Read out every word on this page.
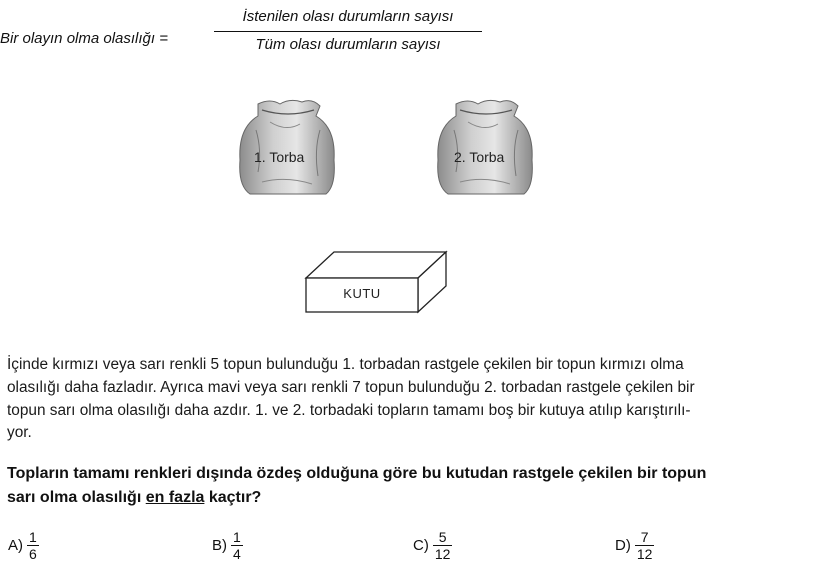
Bir olayın olma olasılığı =
İstenilen olası durumların sayısı
Tüm olası durumların sayısı
1. Torba	2. Torba
KUTU
İçinde kırmızı veya sarı renkli 5 topun bulunduğu 1. torbadan rastgele çekilen bir topun kırmızı olma
olasılığı daha fazladır. Ayrıca mavi veya sarı renkli 7 topun bulunduğu 2. torbadan rastgele çekilen bir
topun sarı olma olasılığı daha azdır. 1. ve 2. torbadaki topların tamamı boş bir kutuya atılıp karıştırılı-
yor.
Topların tamamı renkleri dışında özdeş olduğuna göre bu kutudan rastgele çekilen bir topun
sarı olma olasılığı en fazla kaçtır?
A) 1
6	B) 1
4	C) 5
12	D) 7
12
